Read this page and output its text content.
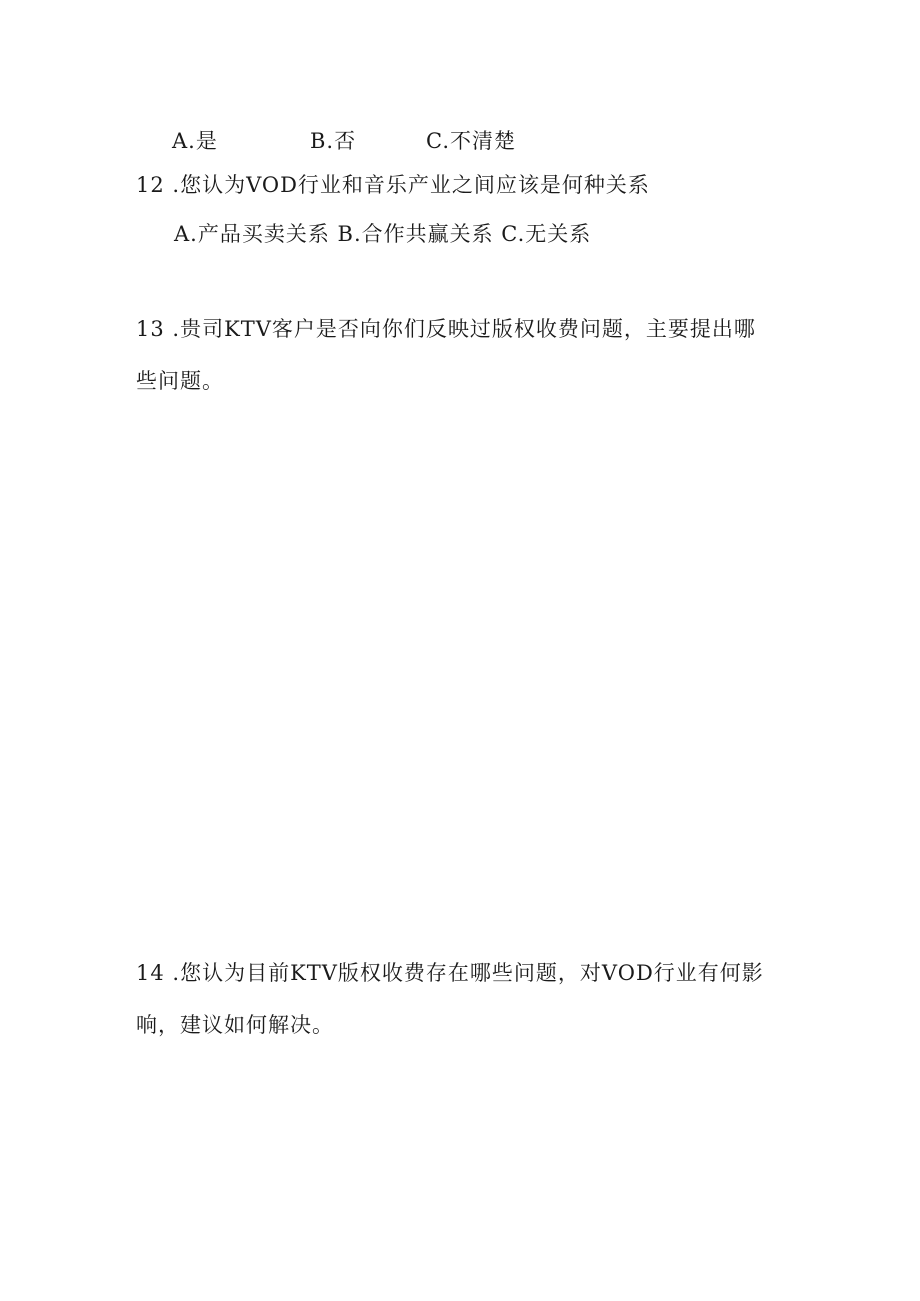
A.是	B.否	C.不清楚
12 .您认为VOD行业和音乐产业之间应该是何种关系
A.产品买卖关系 B.合作共赢关系 C.无关系
13 .贵司KTV客户是否向你们反映过版权收费问题，主要提出哪
些问题。
14 .您认为目前KTV版权收费存在哪些问题，对VOD行业有何影
响，建议如何解决。
